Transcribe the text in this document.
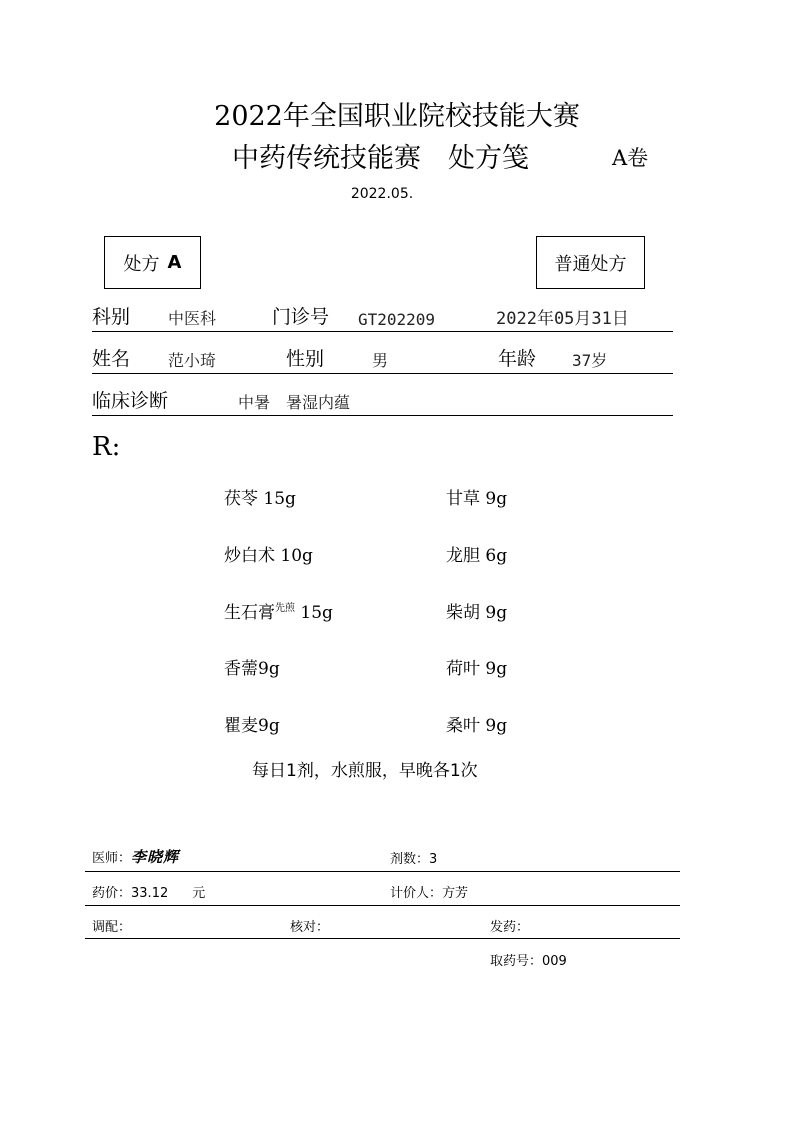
2022年全国职业院校技能大赛
中药传统技能赛　处方笺	A卷
2022.05.
处方 A	普通处方
科别 中医科	门诊号 GT202209	2022年05月31日
姓名 范小琦	性别	男	年龄 37岁
临床诊断	中暑　暑湿内蕴
R:
茯苓 15g	甘草 9g
炒白术 10g	龙胆 6g
生石膏$^{先煎}$ 15g	柴胡 9g
香薷9g	荷叶 9g
瞿麦9g	桑叶 9g
每日1剂，水煎服，早晚各1次
医师：李晓辉	剂数：3
药价：33.12 元	计价人：方芳
调配：	核对：	发药：
取药号：009
